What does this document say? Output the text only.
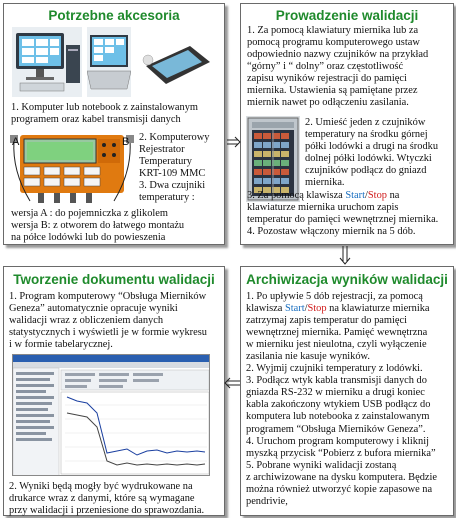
Potrzebne akcesoria
1. Komputer lub notebook z zainstalowanym programem oraz kabel transmisji danych
A	B 2. Komputerowy
Rejestrator
Temperatury
KRT-109 MMC
3. Dwa czujniki
temperatury :
wersja A : do pojemniczka z glikolem
wersja B: z otworem do łatwego montażu
na półce lodówki lub do powieszenia
Prowadzenie walidacji
1. Za pomocą klawiatury miernika lub za
pomocą programu komputerowego ustaw
odpowiednio nazwy czujników na przykład
“górny” i “ dolny” oraz częstotliwość
zapisu wyników rejestracji do pamięci
miernika. Ustawienia są pamiętane przez
miernik nawet po odłączeniu zasilania.
2. Umieść jeden z czujników
temperatury na środku górnej
półki lodówki a drugi na środku
dolnej półki lodówki. Wtyczki
czujników podłącz do gniazd
miernika.
3. Za pomocą klawisza Start/Stop na
klawiaturze miernika uruchom zapis
temperatur do pamięci wewnętrznej miernika.
4. Pozostaw włączony miernik na 5 dób.
Tworzenie dokumentu walidacji
1. Program komputerowy “Obsługa Mierników
Geneza” automatycznie opracuje wyniki
walidacji wraz z obliczeniem danych
statystycznych i wyświetli je w formie wykresu
i w formie tabelarycznej.
2. Wyniki będą mogły być wydrukowane na
drukarce wraz z danymi, które są wymagane
przy walidacji i przeniesione do sprawozdania.
Archiwizacja wyników walidacji
1. Po upływie 5 dób rejestracji, za pomocą
klawisza Start/Stop na klawiaturze miernika
zatrzymaj zapis temperatur do pamięci
wewnętrznej miernika. Pamięć wewnętrzna
w mierniku jest nieulotna, czyli wyłączenie
zasilania nie kasuje wyników.
2. Wyjmij czujniki temperatury z lodówki.
3. Podłącz wtyk kabla transmisji danych do
gniazda RS-232 w mierniku a drugi koniec
kabla zakończony wtykiem USB podłącz do
komputera lub notebooka z zainstalowanym
programem “Obsługa Mierników Geneza”.
4. Uruchom program komputerowy i kliknij
myszką przycisk “Pobierz z bufora miernika”
5. Pobrane wyniki walidacji zostaną
z archiwizowane na dysku komputera. Będzie
można również utworzyć kopie zapasowe na
pendrivie,
